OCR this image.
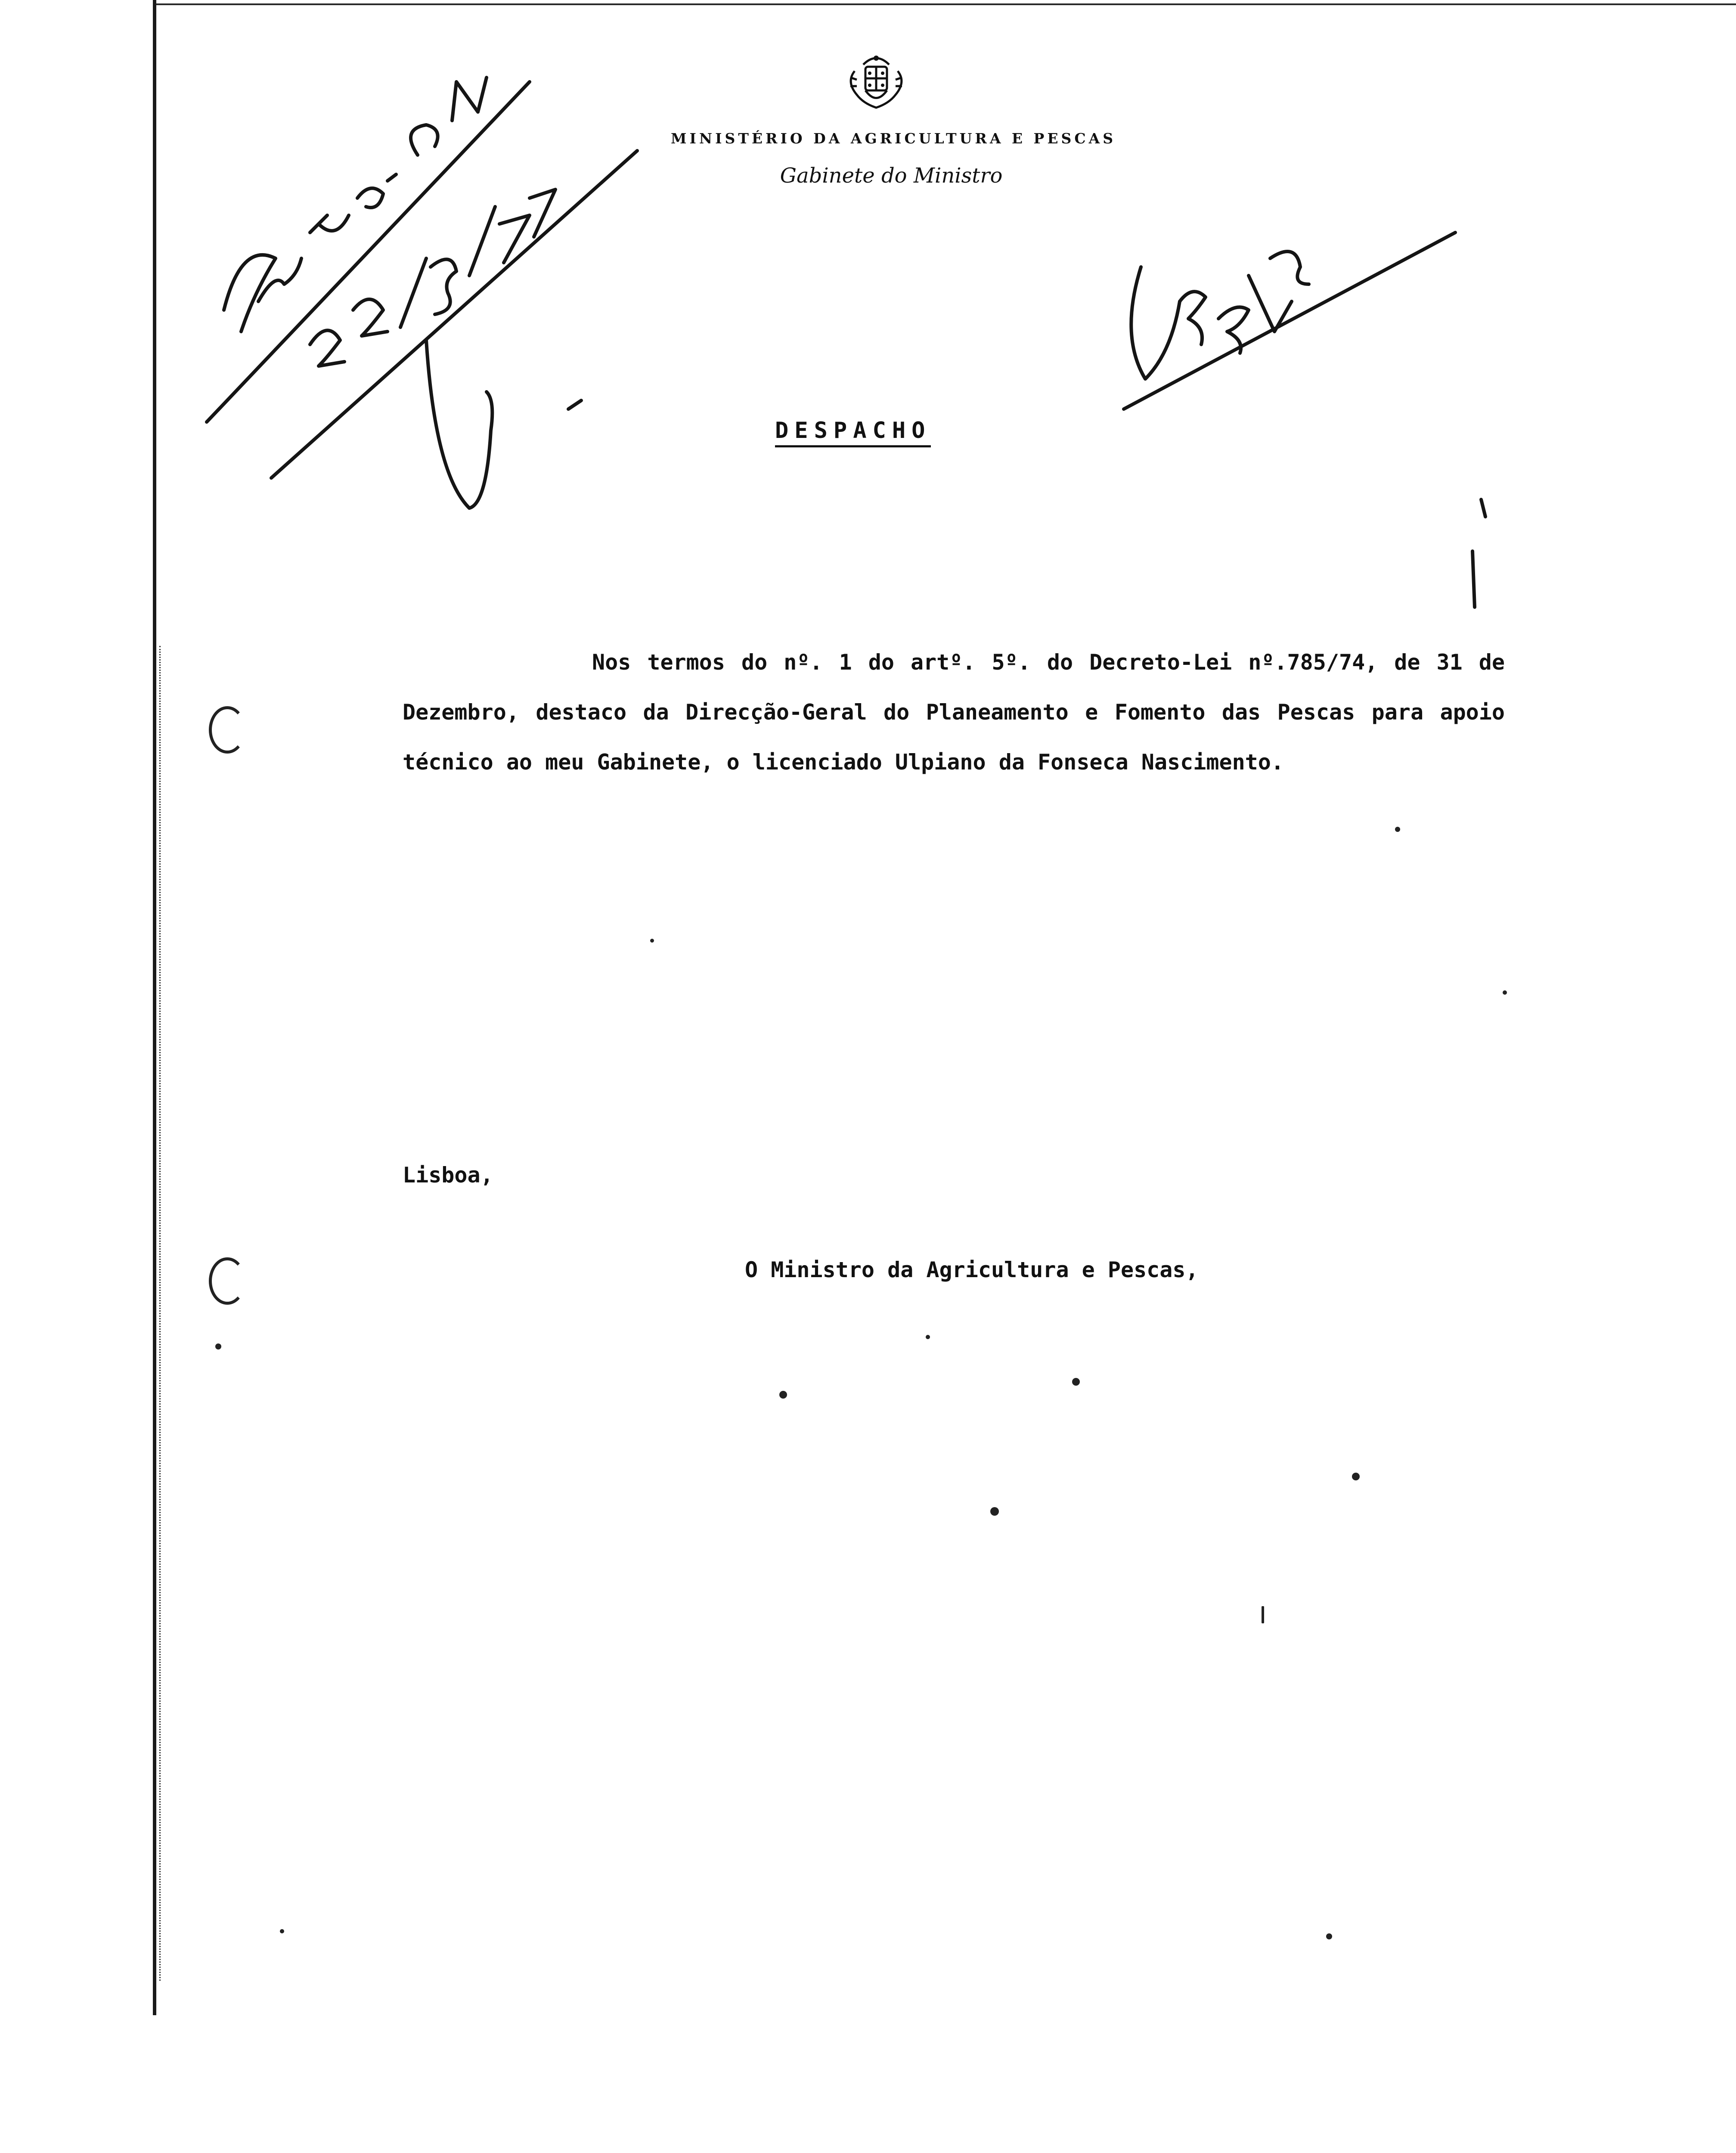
MINISTÉRIO DA AGRICULTURA E PESCAS
Gabinete do Ministro
DESPACHO
Nos termos do nº. 1 do artº. 5º. do Decreto-Lei nº.785/74, de 31 de Dezembro, destaco da Direcção-Geral do Planeamento e Fomento das Pescas para apoio técnico ao meu Gabinete, o licenciado Ulpiano da Fonseca Nascimento.
Lisboa,
O Ministro da Agricultura e Pescas,
